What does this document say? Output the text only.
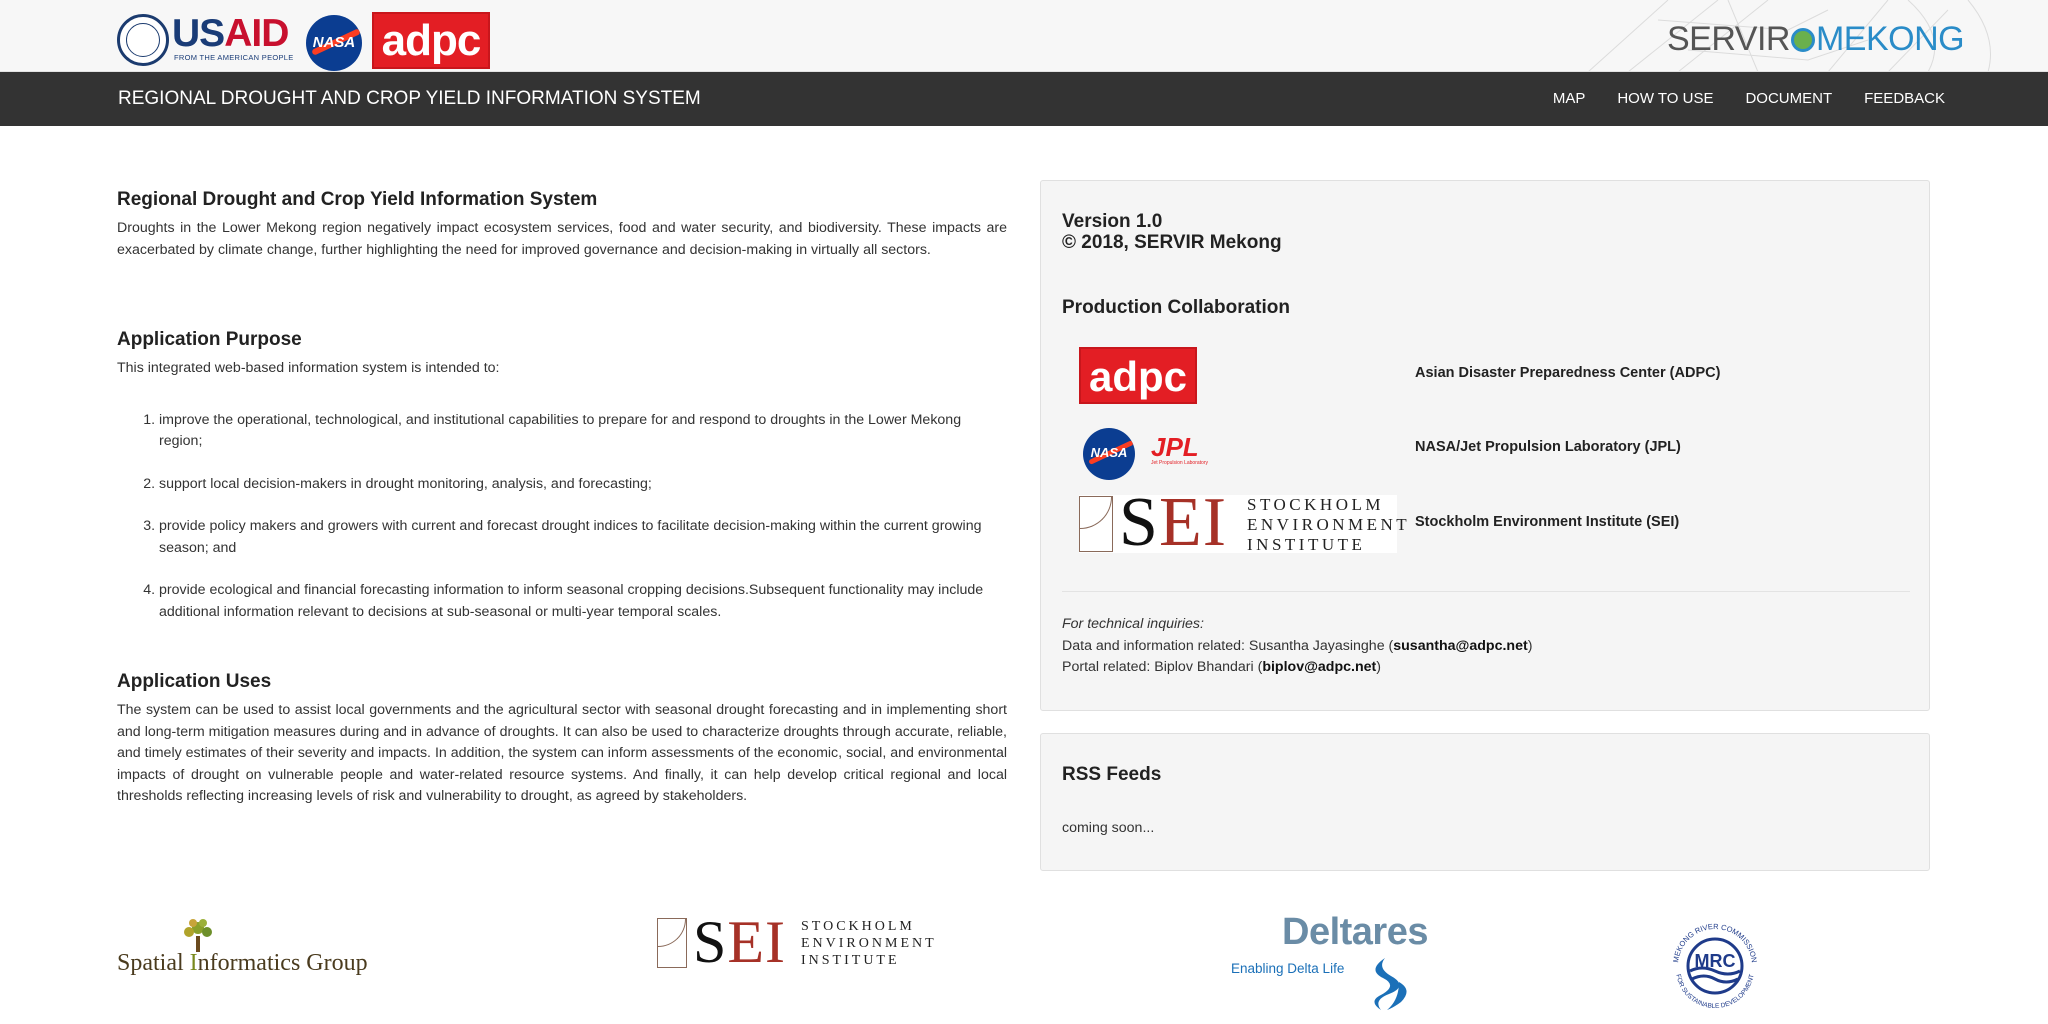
USAID
FROM THE AMERICAN PEOPLE
NASA adpc	SERVIR MEKONG
REGIONAL DROUGHT AND CROP YIELD INFORMATION SYSTEM	MAP HOW TO USE DOCUMENT FEEDBACK
Regional Drought and Crop Yield Information System

Droughts in the Lower Mekong region negatively impact ecosystem services, food and water security, and biodiversity. These impacts are exacerbated by climate change, further highlighting the need for improved governance and decision-making in virtually all sectors.

Application Purpose

This integrated web-based information system is intended to:

1. improve the operational, technological, and institutional capabilities to prepare for and respond to droughts in the Lower Mekong region;
2. support local decision-makers in drought monitoring, analysis, and forecasting;
3. provide policy makers and growers with current and forecast drought indices to facilitate decision-making within the current growing season; and
4. provide ecological and financial forecasting information to inform seasonal cropping decisions.Subsequent functionality may include additional information relevant to decisions at sub-seasonal or multi-year temporal scales.
Application Uses

The system can be used to assist local governments and the agricultural sector with seasonal drought forecasting and in implementing short and long-term mitigation measures during and in advance of droughts. It can also be used to characterize droughts through accurate, reliable, and timely estimates of their severity and impacts. In addition, the system can inform assessments of the economic, social, and environmental impacts of drought on vulnerable people and water-related resource systems. And finally, it can help develop critical regional and local thresholds reflecting increasing levels of risk and vulnerability to drought, as agreed by stakeholders.

Version 1.0
© 2018, SERVIR Mekong
Production Collaboration
adpc	Asian Disaster Preparedness Center (ADPC)
NASA JPL
Jet Propulsion Laboratory
NASA/Jet Propulsion Laboratory (JPL)
SEI STOCKHOLM
ENVIRONMENT
INSTITUTE
Stockholm Environment Institute (SEI)
For technical inquiries:
Data and information related: Susantha Jayasinghe (susantha@adpc.net)
Portal related: Biplov Bhandari (biplov@adpc.net)
RSS Feeds
coming soon...
Spatial Informatics Group	SEI STOCKHOLM
ENVIRONMENT
INSTITUTE
Deltares
Enabling Delta Life
MEKONG RIVER COMMISSION
FOR SUSTAINABLE DEVELOPMENT
MRC
